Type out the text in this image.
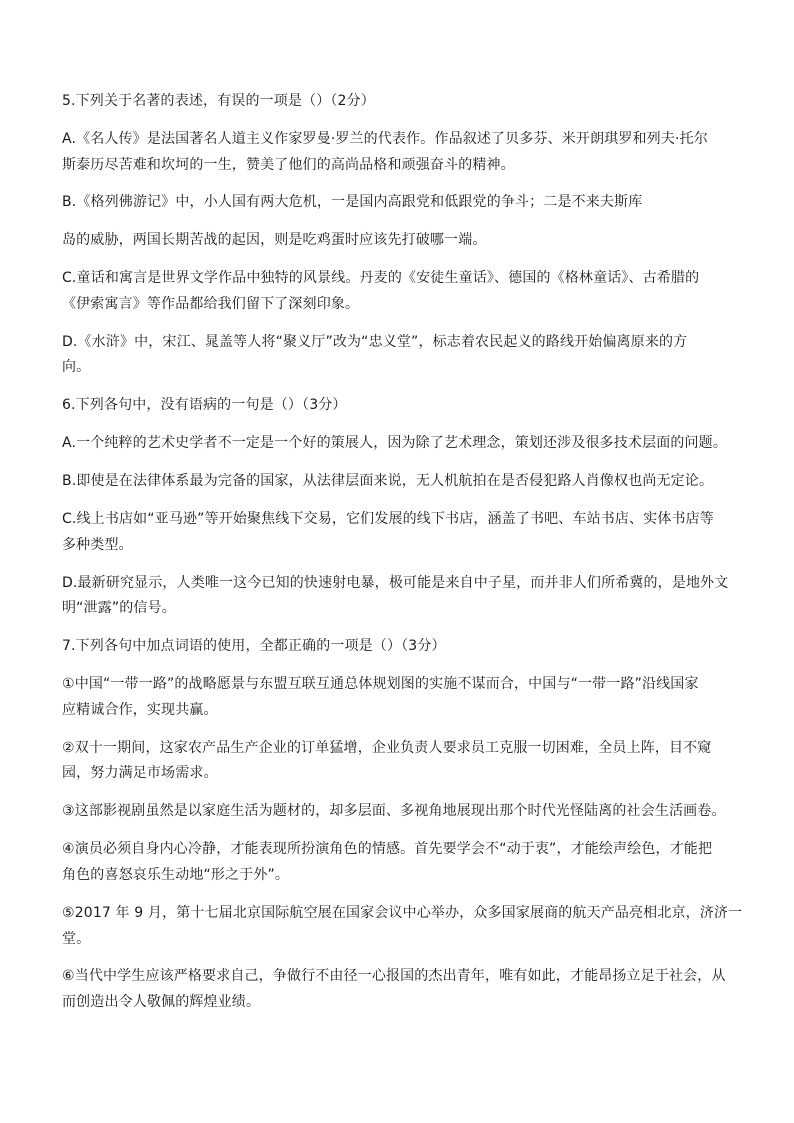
5.下列关于名著的表述，有误的一项是（）（2分）
A.《名人传》是法国著名人道主义作家罗曼·罗兰的代表作。作品叙述了贝多芬、米开朗琪罗和列夫·托尔
斯泰历尽苦难和坎坷的一生，赞美了他们的高尚品格和顽强奋斗的精神。
B.《格列佛游记》中，小人国有两大危机，一是国内高跟党和低跟党的争斗；二是不来夫斯库
岛的威胁，两国长期苦战的起因，则是吃鸡蛋时应该先打破哪一端。
C.童话和寓言是世界文学作品中独特的风景线。丹麦的《安徒生童话》、德国的《格林童话》、古希腊的
《伊索寓言》等作品都给我们留下了深刻印象。
D.《水浒》中，宋江、晁盖等人将“聚义厅”改为“忠义堂”，标志着农民起义的路线开始偏离原来的方
向。
6.下列各句中，没有语病的一句是（）（3分）
A.一个纯粹的艺术史学者不一定是一个好的策展人，因为除了艺术理念，策划还涉及很多技术层面的问题。
B.即使是在法律体系最为完备的国家，从法律层面来说，无人机航拍在是否侵犯路人肖像权也尚无定论。
C.线上书店如“亚马逊”等开始聚焦线下交易，它们发展的线下书店，涵盖了书吧、车站书店、实体书店等
多种类型。
D.最新研究显示，人类唯一这今已知的快速射电暴，极可能是来自中子星，而并非人们所希冀的，是地外文
明“泄露”的信号。
7.下列各句中加点词语的使用，全都正确的一项是（）（3分）
①中国“一带一路”的战略愿景与东盟互联互通总体规划图的实施不谋而合，中国与“一带一路”沿线国家
应精诚合作，实现共赢。
②双十一期间，这家农产品生产企业的订单猛增，企业负责人要求员工克服一切困难，全员上阵，目不窥
园，努力满足市场需求。
③这部影视剧虽然是以家庭生活为题材的，却多层面、多视角地展现出那个时代光怪陆离的社会生活画卷。
④演员必须自身内心冷静，才能表现所扮演角色的情感。首先要学会不“动于衷”，才能绘声绘色，才能把
角色的喜怒哀乐生动地“形之于外”。
⑤2017 年 9 月，第十七届北京国际航空展在国家会议中心举办，众多国家展商的航天产品亮相北京，济济一
堂。
⑥当代中学生应该严格要求自己，争做行不由径一心报国的杰出青年，唯有如此，才能昂扬立足于社会，从
而创造出令人敬佩的辉煌业绩。
